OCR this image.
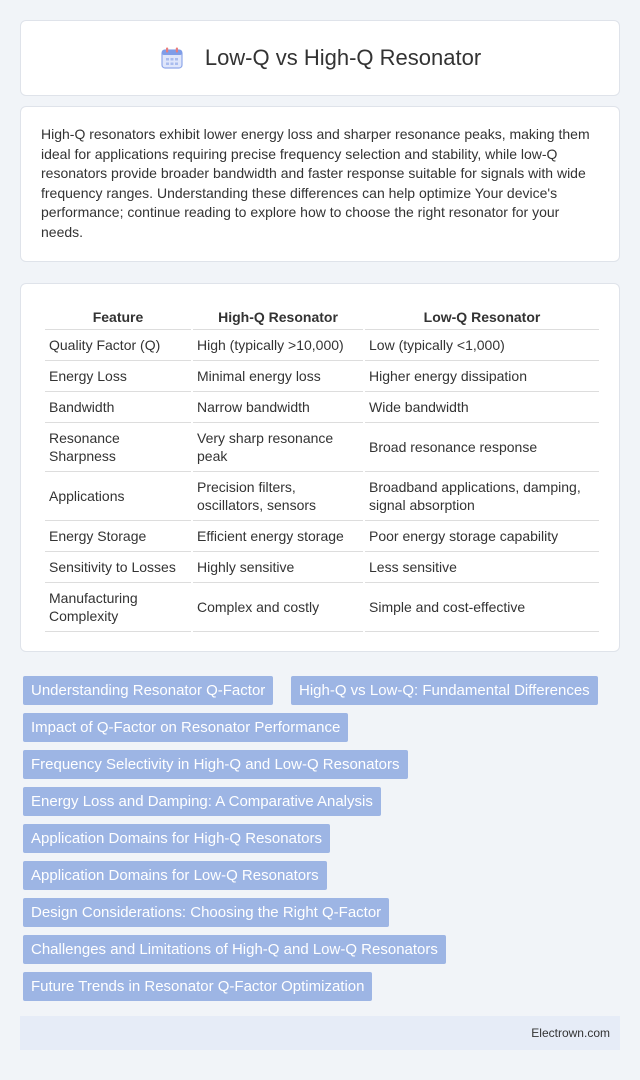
Low-Q vs High-Q Resonator

High-Q resonators exhibit lower energy loss and sharper resonance peaks, making them ideal for applications requiring precise frequency selection and stability, while low-Q resonators provide broader bandwidth and faster response suitable for signals with wide frequency ranges. Understanding these differences can help optimize Your device's performance; continue reading to explore how to choose the right resonator for your needs.

Feature	High-Q Resonator	Low-Q Resonator
Quality Factor (Q)	High (typically >10,000)	Low (typically <1,000)
Energy Loss	Minimal energy loss	Higher energy dissipation
Bandwidth	Narrow bandwidth	Wide bandwidth
Resonance Sharpness	Very sharp resonance peak	Broad resonance response
Applications	Precision filters, oscillators, sensors	Broadband applications, damping, signal absorption
Energy Storage	Efficient energy storage	Poor energy storage capability
Sensitivity to Losses	Highly sensitive	Less sensitive
Manufacturing Complexity	Complex and costly	Simple and cost-effective
Understanding Resonator Q-Factor	High-Q vs Low-Q: Fundamental Differences
Impact of Q-Factor on Resonator Performance
Frequency Selectivity in High-Q and Low-Q Resonators
Energy Loss and Damping: A Comparative Analysis
Application Domains for High-Q Resonators
Application Domains for Low-Q Resonators
Design Considerations: Choosing the Right Q-Factor
Challenges and Limitations of High-Q and Low-Q Resonators
Future Trends in Resonator Q-Factor Optimization
Electrown.com
